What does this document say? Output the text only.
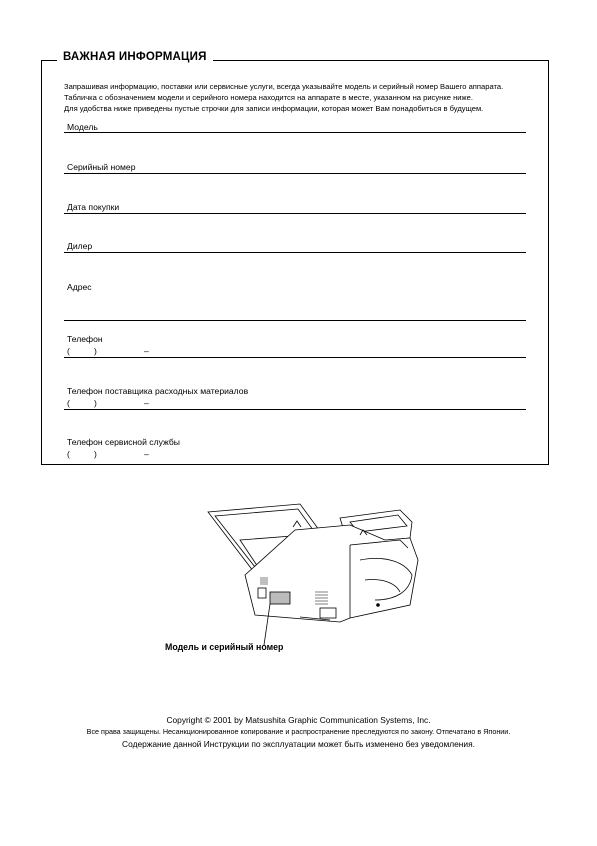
ВАЖНАЯ ИНФОРМАЦИЯ
Запрашивая информацию, поставки или сервисные услуги, всегда указывайте модель и серийный номер Вашего аппарата.
Табличка с обозначением модели и серийного номера находится на аппарате в месте, указанном на рисунке ниже.
Для удобства ниже приведены пустые строчки для записи информации, которая может Вам понадобиться в будущем.
Модель
Серийный номер
Дата покупки
Дилер
Адрес
Телефон
(	)	–
Телефон поставщика расходных материалов
(	)	–
Телефон сервисной службы
(	)	–
Модель и серийный номер
Copyright © 2001 by Matsushita Graphic Communication Systems, Inc.
Все права защищены. Несанкционированное копирование и распространение преследуются по закону. Отпечатано в Японии.
Содержание данной Инструкции по эксплуатации может быть изменено без уведомления.
